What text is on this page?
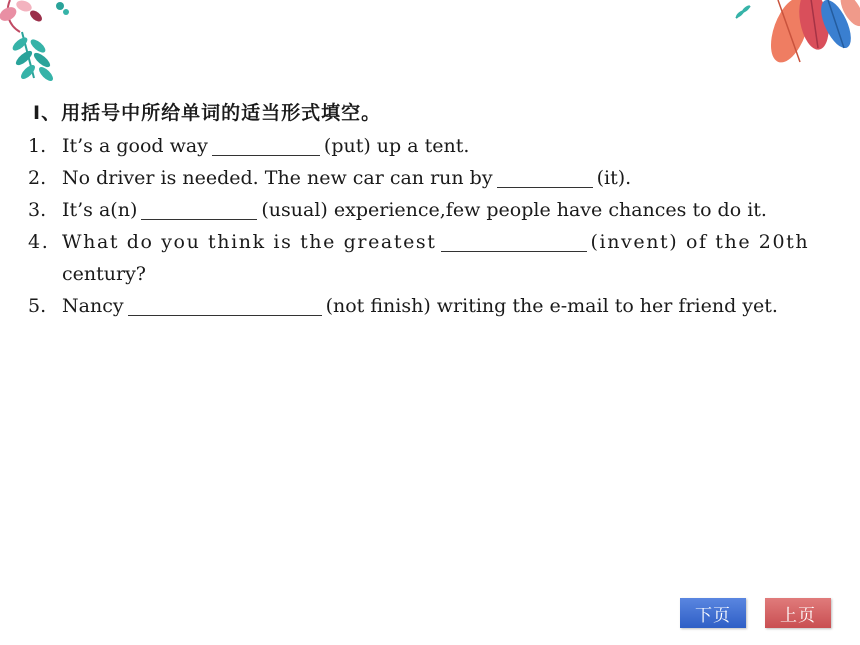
Ⅰ、用括号中所给单词的适当形式填空。
1. It’s a good way	(put) up a tent.
2. No driver is needed. The new car can run by	(it).
3. It’s a(n)	(usual) experience,few people have chances to do it.
4. What do you think is the greatest	(invent) of the 20th
century?
5. Nancy	(not finish) writing the e-mail to her friend yet.
下页	上页
